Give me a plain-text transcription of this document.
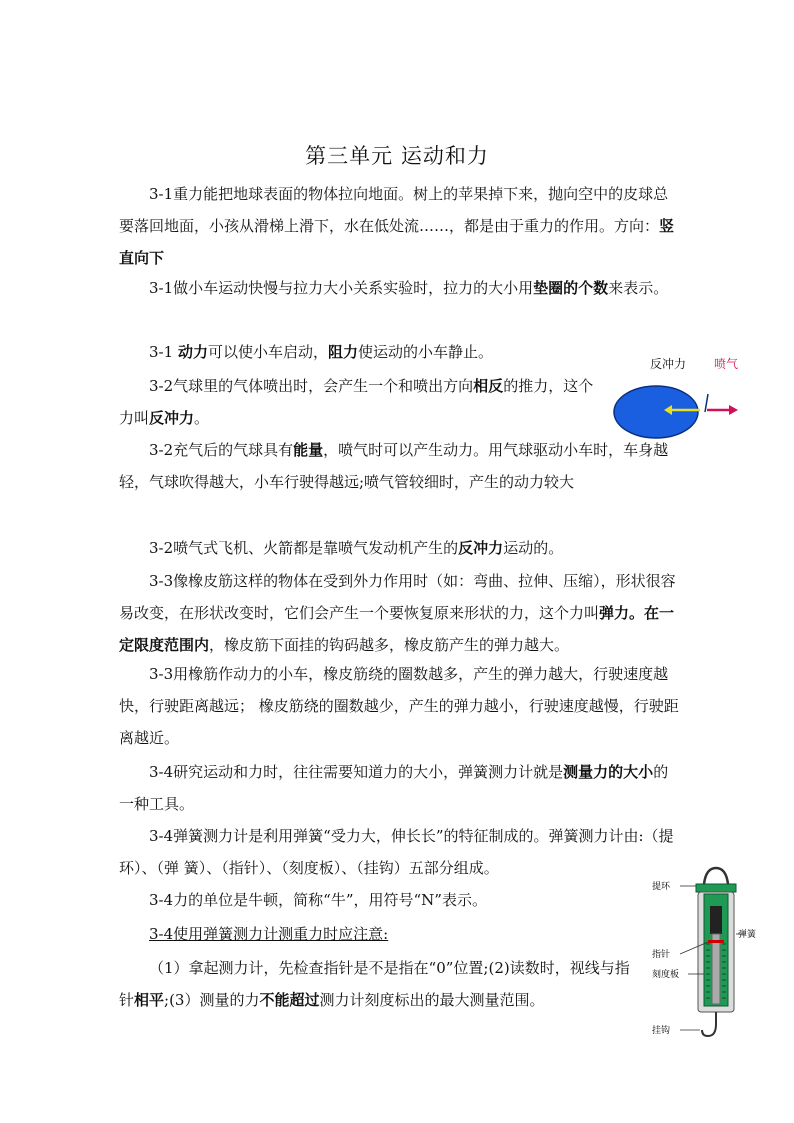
第三单元 运动和力

3-1重力能把地球表面的物体拉向地面。树上的苹果掉下来，抛向空中的皮球总要落回地面，小孩从滑梯上滑下，水在低处流……，都是由于重力的作用。方向：竖直向下

3-1做小车运动快慢与拉力大小关系实验时，拉力的大小用垫圈的个数来表示。

3-1 动力可以使小车启动，阻力使运动的小车静止。

3-2气球里的气体喷出时，会产生一个和喷出方向相反的推力，这个力叫反冲力。

3-2充气后的气球具有能量，喷气时可以产生动力。用气球驱动小车时，车身越轻，气球吹得越大，小车行驶得越远;喷气管较细时，产生的动力较大

3-2喷气式飞机、火箭都是靠喷气发动机产生的反冲力运动的。

3-3像橡皮筋这样的物体在受到外力作用时（如：弯曲、拉伸、压缩），形状很容易改变，在形状改变时，它们会产生一个要恢复原来形状的力，这个力叫弹力。在一定限度范围内，橡皮筋下面挂的钩码越多，橡皮筋产生的弹力越大。

3-3用橡筋作动力的小车，橡皮筋绕的圈数越多，产生的弹力越大，行驶速度越快，行驶距离越远； 橡皮筋绕的圈数越少，产生的弹力越小，行驶速度越慢，行驶距离越近。

3-4研究运动和力时，往往需要知道力的大小，弹簧测力计就是测量力的大小的一种工具。

3-4弹簧测力计是利用弹簧“受力大，伸长长”的特征制成的。弹簧测力计由:（提环）、（弹 簧）、（指针）、（刻度板）、（挂钩）五部分组成。

3-4力的单位是牛顿，简称“牛”，用符号“N”表示。

3-4使用弹簧测力计测重力时应注意:

（1）拿起测力计，先检查指针是不是指在“0”位置;(2)读数时，视线与指针相平;(3）测量的力不能超过测力计刻度标出的最大测量范围。

反冲力 喷气
提环
弹簧
指针
刻度板
挂钩
